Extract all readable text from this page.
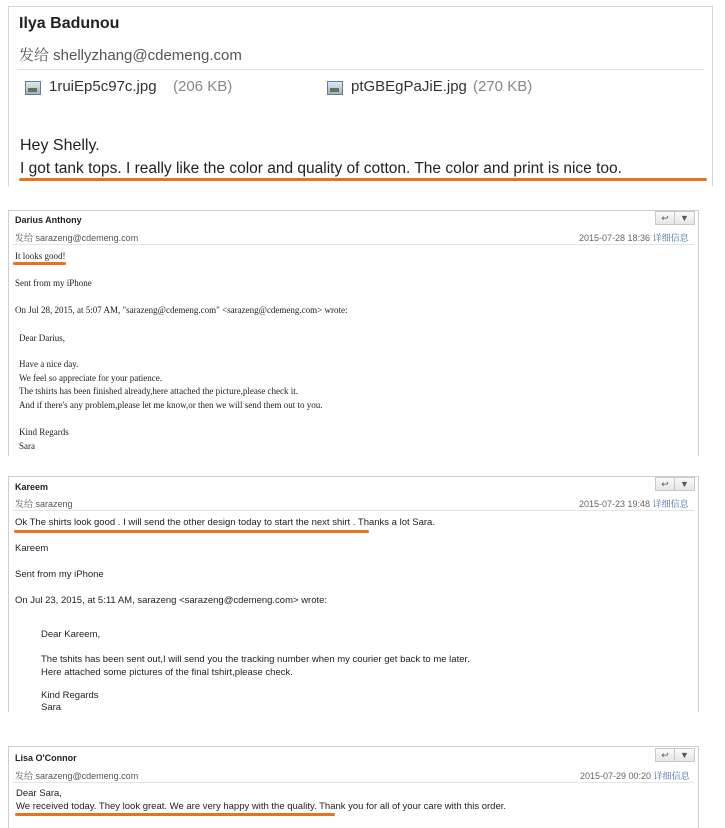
Ilya Badunou
发给 shellyzhang@cdemeng.com
1ruiEp5c97c.jpg (206 KB)	ptGBEgPaJiE.jpg (270 KB)
Hey Shelly.
I got tank tops. I really like the color and quality of cotton. The color and print is nice too.
Darius Anthony
发给 sarazeng@cdemeng.com
↩	▼
2015-07-28 18:36 详细信息
It looks good!
Sent from my iPhone
On Jul 28, 2015, at 5:07 AM, "sarazeng@cdemeng.com" <sarazeng@cdemeng.com> wrote:
Dear Darius,
Have a nice day.
We feel so appreciate for your patience.
The tshirts has been finished already,here attached the picture,please check it.
And if there's any problem,please let me know,or then we will send them out to you.
Kind Regards
Sara
Kareem
发给 sarazeng
↩	▼
2015-07-23 19:48 详细信息
Ok The shirts look good . I will send the other design today to start the next shirt . Thanks a lot Sara.
Kareem
Sent from my iPhone
On Jul 23, 2015, at 5:11 AM, sarazeng <sarazeng@cdemeng.com> wrote:
Dear Kareem,
The tshits has been sent out,I will send you the tracking number when my courier get back to me later.
Here attached some pictures of the final tshirt,please check.
Kind Regards
Sara
Lisa O'Connor
发给 sarazeng@cdemeng.com
↩	▼
2015-07-29 00:20 详细信息
Dear Sara,
We received today. They look great. We are very happy with the quality. Thank you for all of your care with this order.
